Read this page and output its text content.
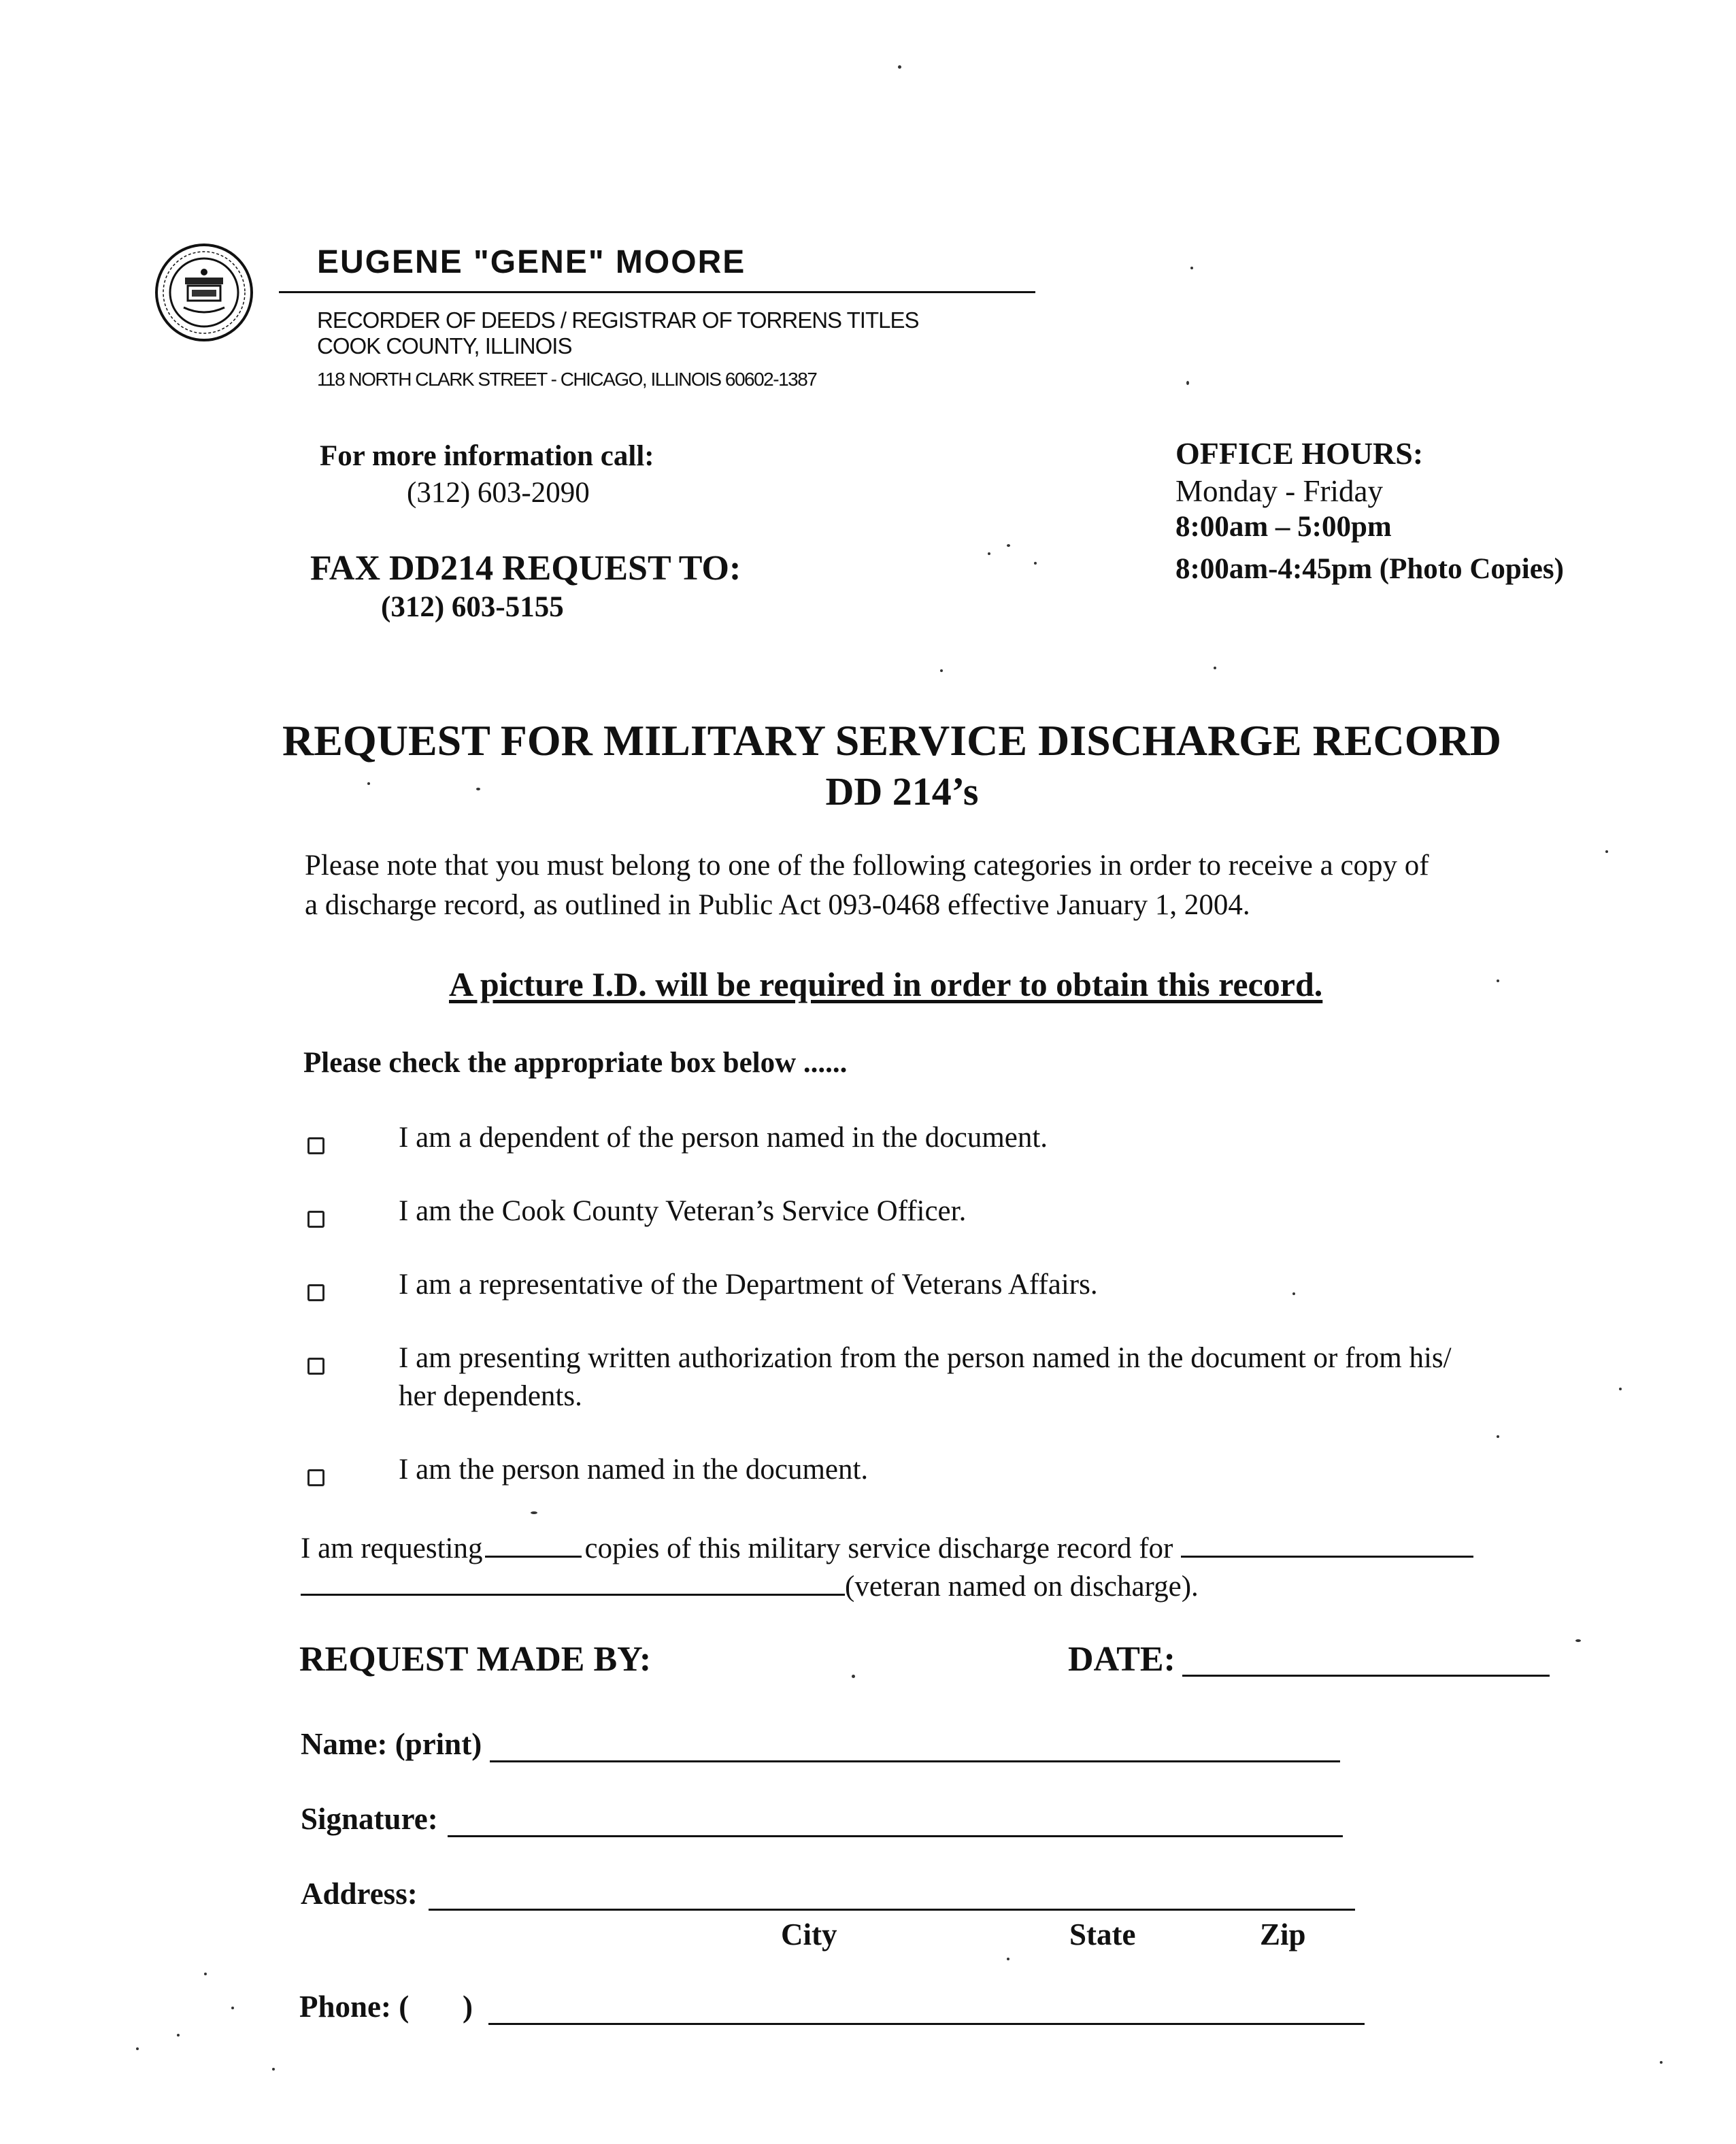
EUGENE "GENE" MOORE
RECORDER OF DEEDS / REGISTRAR OF TORRENS TITLES
COOK COUNTY, ILLINOIS
118 NORTH CLARK STREET - CHICAGO, ILLINOIS 60602-1387
For more information call:
(312) 603-2090
FAX DD214 REQUEST TO:
(312) 603-5155
OFFICE HOURS:
Monday - Friday
8:00am – 5:00pm
8:00am-4:45pm (Photo Copies)
REQUEST FOR MILITARY SERVICE DISCHARGE RECORD
DD 214’s
Please note that you must belong to one of the following categories in order to receive a copy of
a discharge record, as outlined in Public Act 093-0468 effective January 1, 2004.
A picture I.D. will be required in order to obtain this record.
Please check the appropriate box below ......
I am a dependent of the person named in the document.
I am the Cook County Veteran’s Service Officer.
I am a representative of the Department of Veterans Affairs.
I am presenting written authorization from the person named in the document or from his/
her dependents.
I am the person named in the document.
I am requesting	copies of this military service discharge record for
(veteran named on discharge).
REQUEST MADE BY:	DATE:
Name: (print)
Signature:
Address:
City	State	Zip
Phone: (       )
